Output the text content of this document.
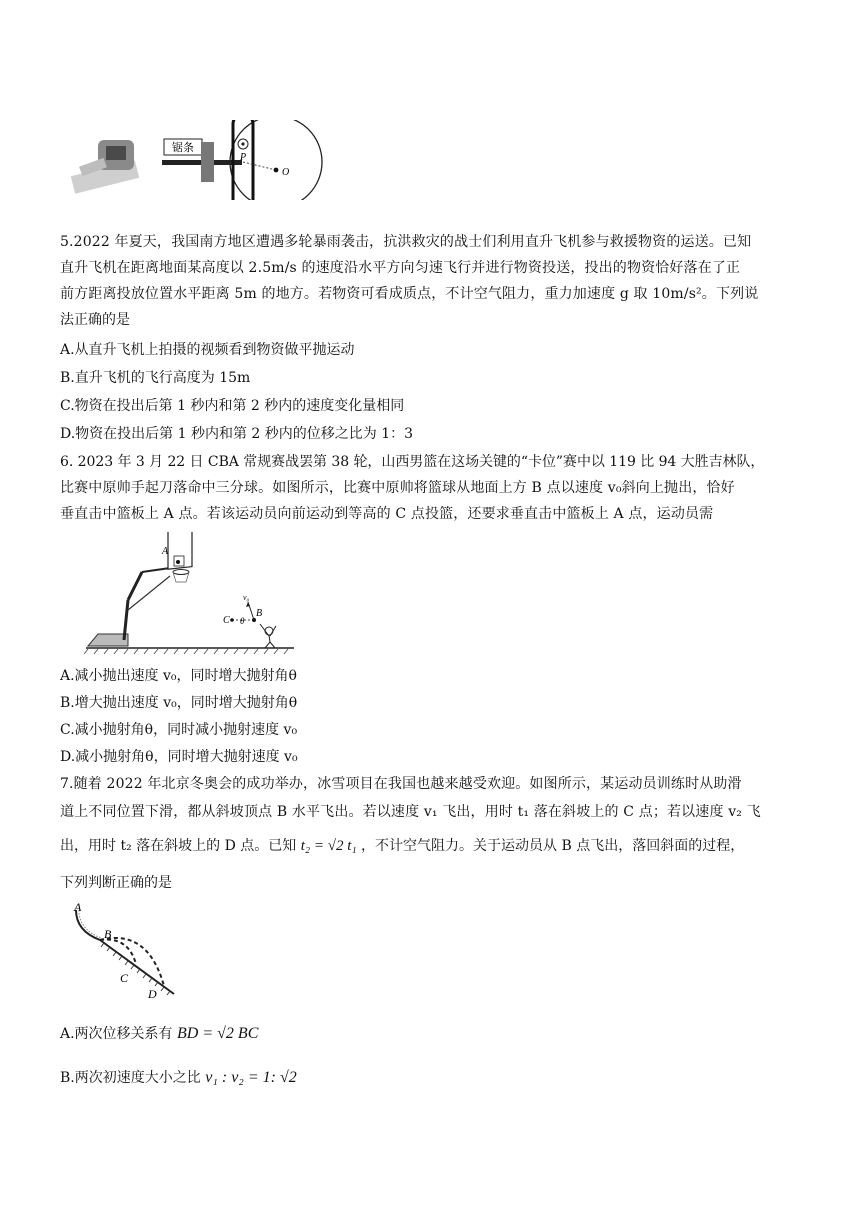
锯条
P
O
5.2022 年夏天，我国南方地区遭遇多轮暴雨袭击，抗洪救灾的战士们利用直升飞机参与救援物资的运送。已知
直升飞机在距离地面某高度以 2.5m/s 的速度沿水平方向匀速飞行并进行物资投送，投出的物资恰好落在了正
前方距离投放位置水平距离 5m 的地方。若物资可看成质点，不计空气阻力，重力加速度 g 取 10m/s²。下列说
法正确的是
A.从直升飞机上拍摄的视频看到物资做平抛运动
B.直升飞机的飞行高度为 15m
C.物资在投出后第 1 秒内和第 2 秒内的速度变化量相同
D.物资在投出后第 1 秒内和第 2 秒内的位移之比为 1：3
6. 2023 年 3 月 22 日 CBA 常规赛战罢第 38 轮，山西男篮在这场关键的“卡位”赛中以 119 比 94 大胜吉林队，
比赛中原帅手起刀落命中三分球。如图所示，比赛中原帅将篮球从地面上方 B 点以速度 v₀斜向上抛出，恰好
垂直击中篮板上 A 点。若该运动员向前运动到等高的 C 点投篮，还要求垂直击中篮板上 A 点，运动员需
A
C
B
θ
v₀
A.减小抛出速度 v₀，同时增大抛射角θ
B.增大抛出速度 v₀，同时增大抛射角θ
C.减小抛射角θ，同时减小抛射速度 v₀
D.减小抛射角θ，同时增大抛射速度 v₀
7.随着 2022 年北京冬奥会的成功举办，冰雪项目在我国也越来越受欢迎。如图所示，某运动员训练时从助滑
道上不同位置下滑，都从斜坡顶点 B 水平飞出。若以速度 v₁ 飞出，用时 t₁ 落在斜坡上的 C 点；若以速度 v₂ 飞
出，用时 t₂ 落在斜坡上的 D 点。已知 t₂ = √2 t₁ ，不计空气阻力。关于运动员从 B 点飞出，落回斜面的过程，
下列判断正确的是
A
B
C
D
A.两次位移关系有 BD = √2 BC
B.两次初速度大小之比 v₁ : v₂ = 1: √2
